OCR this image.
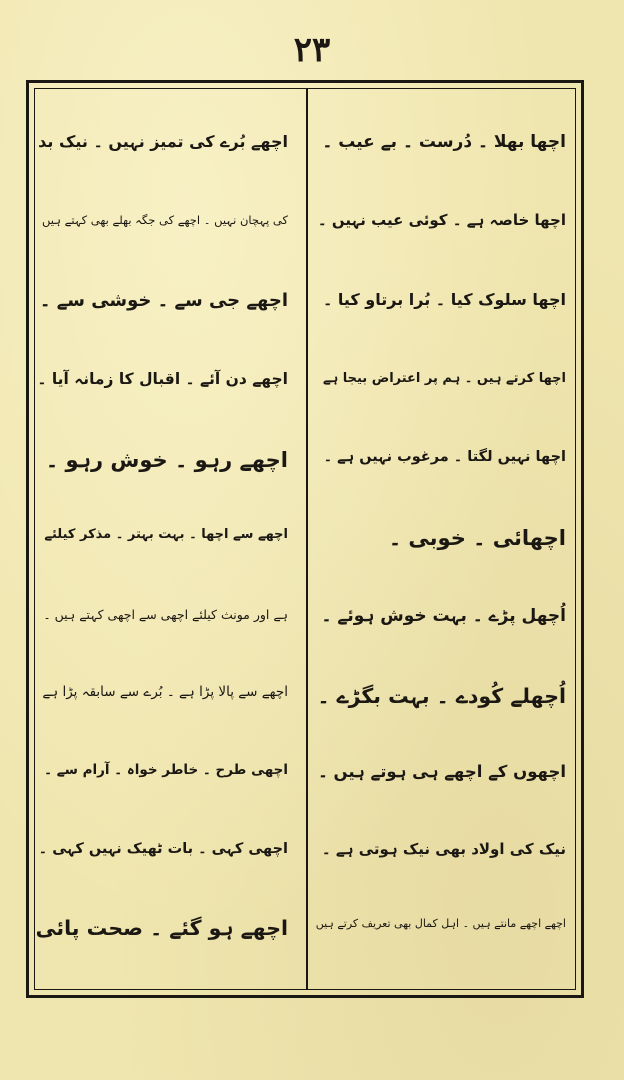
۲۳
اچھا بھلا ۔ دُرست ۔ بے عیب ۔
اچھا خاصہ ہے ۔ کوئی عیب نہیں ۔
اچھا سلوک کیا ۔ بُرا برتاو کیا ۔
اچھا کرتے ہیں ۔ ہم پر اعتراض بیجا ہے
اچھا نہیں لگتا ۔ مرغوب نہیں ہے ۔
اچھائی ۔ خوبی ۔
اُچھل پڑے ۔ بہت خوش ہوئے ۔
اُچھلے کُودے ۔ بہت بگڑے ۔
اچھوں کے اچھے ہی ہوتے ہیں ۔
نیک کی اولاد بھی نیک ہوتی ہے ۔
اچھے اچھے مانتے ہیں ۔ اہل کمال بھی تعریف کرتے ہیں
اچھے بُرے کی تمیز نہیں ۔ نیک بد
کی پہچان نہیں ۔ اچھے کی جگہ بھلے بھی کہتے ہیں
اچھے جی سے ۔ خوشی سے ۔
اچھے دن آئے ۔ اقبال کا زمانہ آیا ۔
اچھے رہو ۔ خوش رہو ۔
اچھے سے اچھا ۔ بہت بہتر ۔ مذکر کیلئے
ہے اور مونث کیلئے اچھی سے اچھی کہتے ہیں ۔
اچھے سے پالا پڑا ہے ۔ بُرے سے سابقہ پڑا ہے
اچھی طرح ۔ خاطر خواہ ۔ آرام سے ۔
اچھی کہی ۔ بات ٹھیک نہیں کہی ۔
اچھے ہو گئے ۔ صحت پائی
